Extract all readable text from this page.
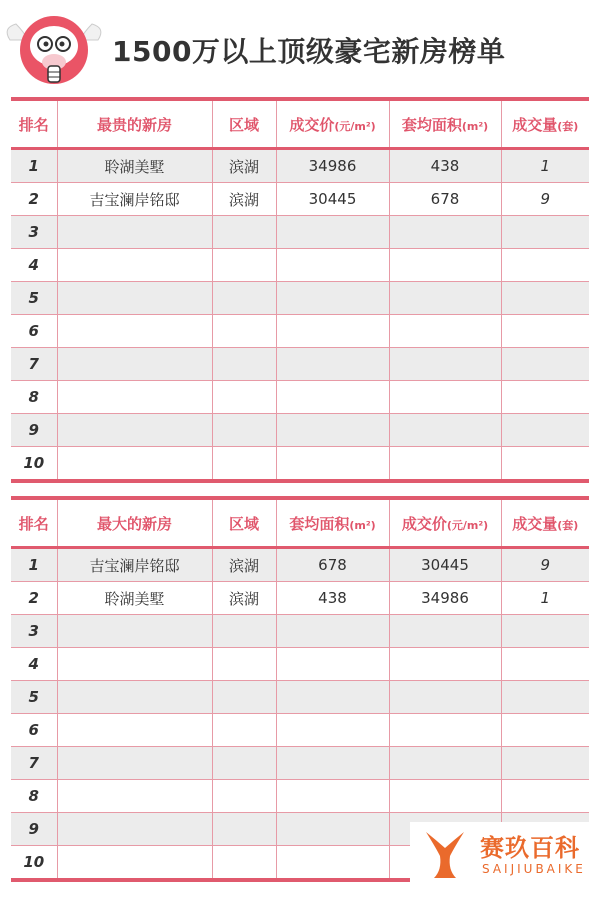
1500万以上顶级豪宅新房榜单
排名	最贵的新房	区域	成交价(元/m²)	套均面积(m²)	成交量(套)
1	聆湖美墅	滨湖	34986	438	1
2	吉宝澜岸铭邸	滨湖	30445	678	9
3					
4					
5					
6					
7					
8					
9					
10					
排名	最大的新房	区域	套均面积(m²)	成交价(元/m²)	成交量(套)
1	吉宝澜岸铭邸	滨湖	678	30445	9
2	聆湖美墅	滨湖	438	34986	1
3					
4					
5					
6					
7					
8					
9					
10						赛玖百科
SAIJIUBAIKE
